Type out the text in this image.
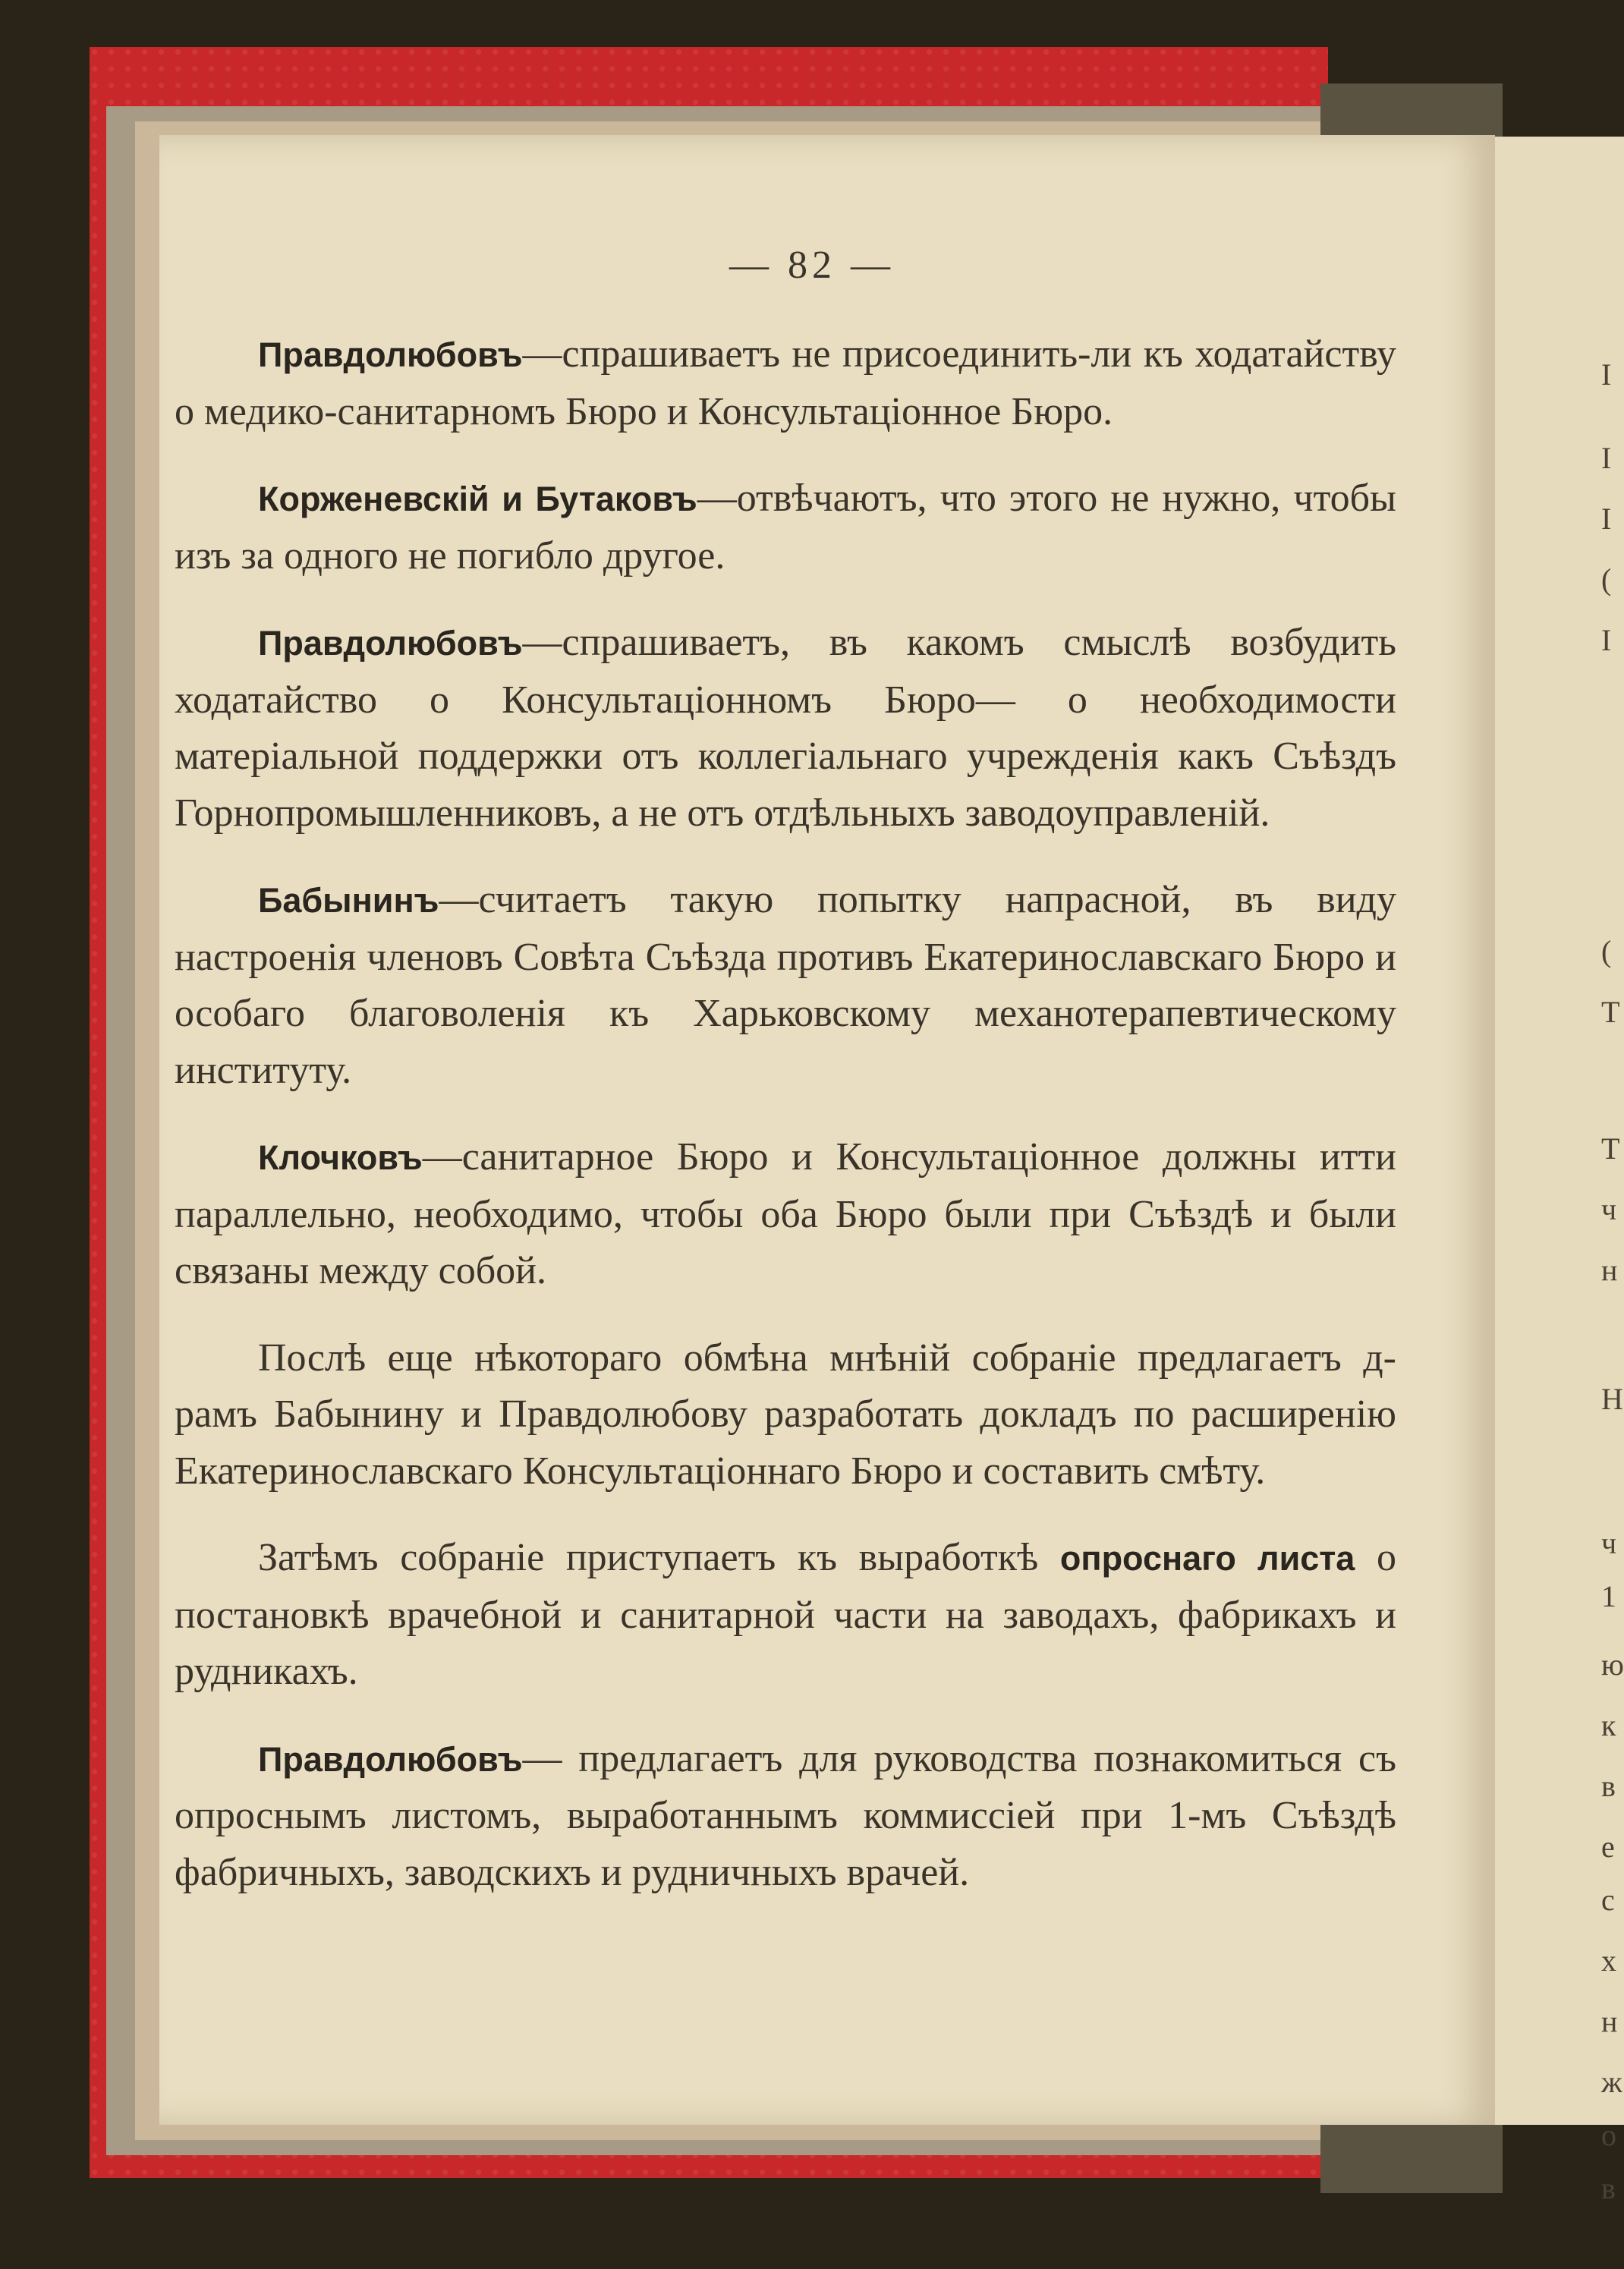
I
I
I
(
I
(
T
T
ч
н
H
ч
1
ю
к
в
е
с
х
н
ж
о
в
— 82 —

Правдолюбовъ—спрашиваетъ не присоединить-ли къ ходатайству о медико-санитарномъ Бюро и Консультаціонное Бюро.

Корженевскій и Бутаковъ—отвѣчаютъ, что этого не нужно, чтобы изъ за одного не погибло другое.

Правдолюбовъ—спрашиваетъ, въ какомъ смыслѣ возбудить ходатайство о Консультаціонномъ Бюро— о необходимости матеріальной поддержки отъ коллегіальнаго учрежденія какъ Съѣздъ Горнопромышленниковъ, а не отъ отдѣльныхъ заводоуправленій.

Бабынинъ—считаетъ такую попытку напрасной, въ виду настроенія членовъ Совѣта Съѣзда противъ Екатеринославскаго Бюро и особаго благоволенія къ Харьковскому механотерапевтическому институту.

Клочковъ—санитарное Бюро и Консультаціонное должны итти параллельно, необходимо, чтобы оба Бюро были при Съѣздѣ и были связаны между собой.

Послѣ еще нѣкотораго обмѣна мнѣній собраніе предлагаетъ д-рамъ Бабынину и Правдолюбову разработать докладъ по расширенію Екатеринославскаго Консультаціоннаго Бюро и составить смѣту.

Затѣмъ собраніе приступаетъ къ выработкѣ опроснаго листа о постановкѣ врачебной и санитарной части на заводахъ, фабрикахъ и рудникахъ.

Правдолюбовъ— предлагаетъ для руководства познакомиться съ опроснымъ листомъ, выработаннымъ коммиссіей при 1-мъ Съѣздѣ фабричныхъ, заводскихъ и рудничныхъ врачей.
